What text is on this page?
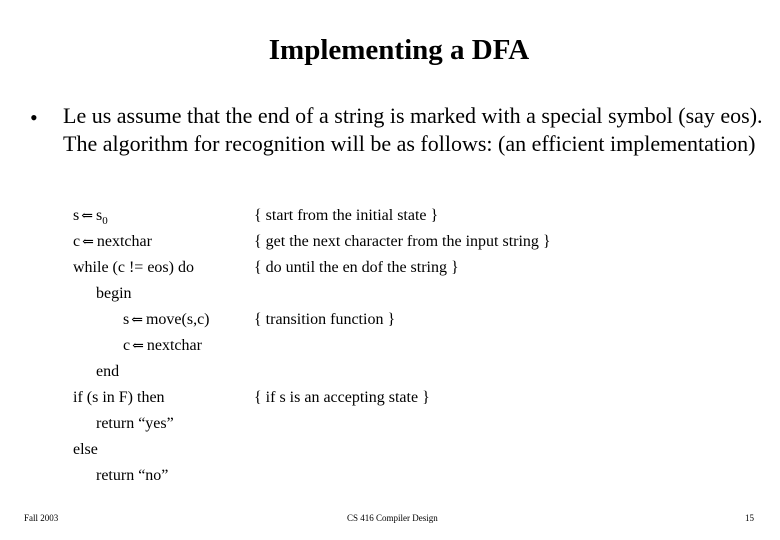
Implementing a DFA
• Le us assume that the end of a string is marked with a special symbol (say eos). The algorithm for recognition will be as follows: (an efficient implementation)
s ⇐ $s_0$
c ⇐ nextchar
while (c != eos) do
begin
s ⇐ move(s,c)
c ⇐ nextchar
end
if (s in F) then
return “yes”
else
return “no”
{ start from the initial state }
{ get the next character from the input string }
{ do until the en dof the string }
{ transition function }
{ if s is an accepting state }
Fall 2003	CS 416 Compiler Design	15
